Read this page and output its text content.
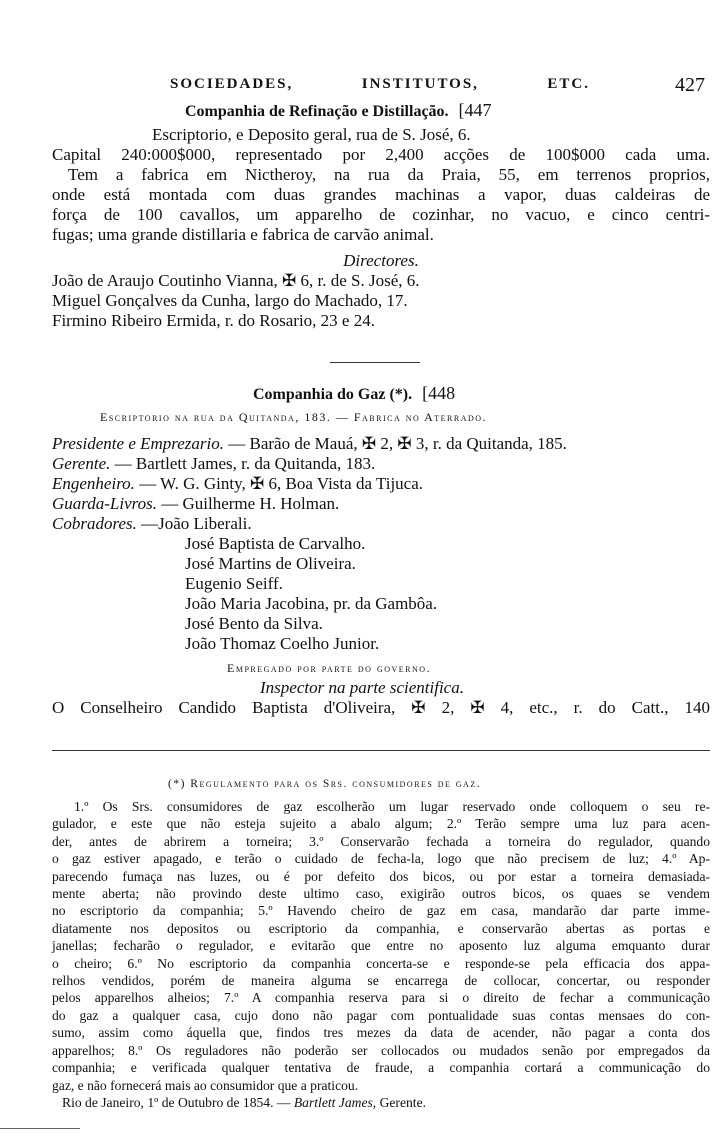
SOCIEDADES, INSTITUTOS, ETC.	427
Companhia de Refinação e Distillação. [447
Escriptorio, e Deposito geral, rua de S. José, 6.
Capital 240:000$000, representado por 2,400 acções de 100$000 cada uma.
Tem a fabrica em Nictheroy, na rua da Praia, 55, em terrenos proprios,
onde está montada com duas grandes machinas a vapor, duas caldeiras de
força de 100 cavallos, um apparelho de cozinhar, no vacuo, e cinco centri-
fugas; uma grande distillaria e fabrica de carvão animal.
Directores.
João de Araujo Coutinho Vianna, ✠ 6, r. de S. José, 6.
Miguel Gonçalves da Cunha, largo do Machado, 17.
Firmino Ribeiro Ermida, r. do Rosario, 23 e 24.
Companhia do Gaz (*). [448
Escriptorio na rua da Quitanda, 183. — Fabrica no Aterrado.
Presidente e Emprezario. — Barão de Mauá, ✠ 2, ✠ 3, r. da Quitanda, 185.
Gerente. — Bartlett James, r. da Quitanda, 183.
Engenheiro. — W. G. Ginty, ✠ 6, Boa Vista da Tijuca.
Guarda-Livros. — Guilherme H. Holman.
Cobradores. —João Liberali.
José Baptista de Carvalho.
José Martins de Oliveira.
Eugenio Seiff.
João Maria Jacobina, pr. da Gambôa.
José Bento da Silva.
João Thomaz Coelho Junior.
Empregado por parte do governo.
Inspector na parte scientifica.
O Conselheiro Candido Baptista d'Oliveira, ✠ 2, ✠ 4, etc., r. do Catt., 140
(*) Regulamento para os Srs. consumidores de gaz.
1.º Os Srs. consumidores de gaz escolherão um lugar reservado onde colloquem o seu re-
gulador, e este que não esteja sujeito a abalo algum; 2.º Terão sempre uma luz para acen-
der, antes de abrirem a torneira; 3.º Conservarão fechada a torneira do regulador, quando
o gaz estiver apagado, e terão o cuidado de fecha-la, logo que não precisem de luz; 4.º Ap-
parecendo fumaça nas luzes, ou é por defeito dos bicos, ou por estar a torneira demasiada-
mente aberta; não provindo deste ultimo caso, exigirão outros bicos, os quaes se vendem
no escriptorio da companhia; 5.º Havendo cheiro de gaz em casa, mandarão dar parte imme-
diatamente nos depositos ou escriptorio da companhia, e conservarão abertas as portas e
janellas; fecharão o regulador, e evitarão que entre no aposento luz alguma emquanto durar
o cheiro; 6.º No escriptorio da companhia concerta-se e responde-se pela efficacia dos appa-
relhos vendidos, porém de maneira alguma se encarrega de collocar, concertar, ou responder
pelos apparelhos alheios; 7.º A companhia reserva para si o direito de fechar a communicação
do gaz a qualquer casa, cujo dono não pagar com pontualidade suas contas mensaes do con-
sumo, assim como áquella que, findos tres mezes da data de acender, não pagar a conta dos
apparelhos; 8.º Os reguladores não poderão ser collocados ou mudados senão por empregados da
companhia; e verificada qualquer tentativa de fraude, a companhia cortará a communicação do
gaz, e não fornecerá mais ao consumidor que a praticou.
Rio de Janeiro, 1º de Outubro de 1854. — Bartlett James, Gerente.
